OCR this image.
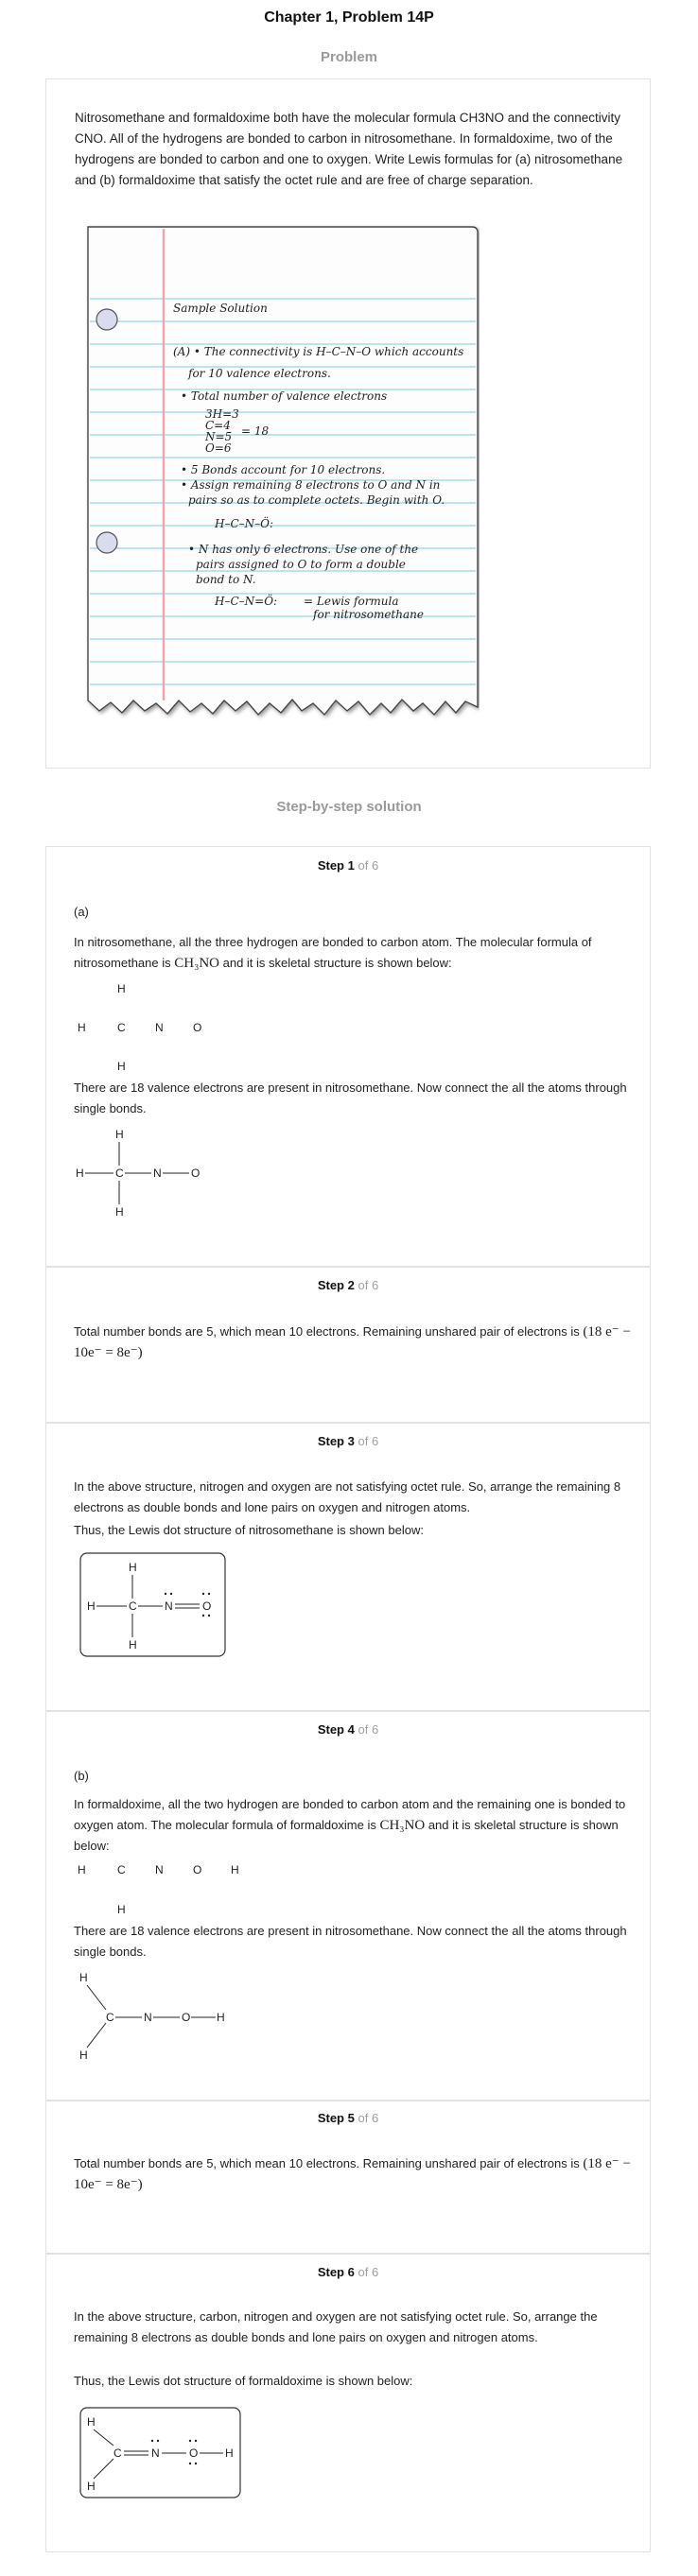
Chapter 1, Problem 14P
Problem

Nitrosomethane and formaldoxime both have the molecular formula CH3NO and the connectivity CNO. All of the hydrogens are bonded to carbon in nitrosomethane. In formaldoxime, two of the hydrogens are bonded to carbon and one to oxygen. Write Lewis formulas for (a) nitrosomethane and (b) formaldoxime that satisfy the octet rule and are free of charge separation.

Sample Solution
(A) • The connectivity is H–C–N–O which accounts
for 10 valence electrons.
• Total number of valence electrons
3H=3
C=4
N=5
O=6
= 18
• 5 Bonds account for 10 electrons.
• Assign remaining 8 electrons to O and N in
pairs so as to complete octets. Begin with O.
H–C–N–Ö:
• N has only 6 electrons. Use one of the
pairs assigned to O to form a double
bond to N.
H–C–N=Ö: = Lewis formula
for nitrosomethane
Step-by-step solution
Step 1 of 6
(a)

In nitrosomethane, all the three hydrogen are bonded to carbon atom. The molecular formula of nitrosomethane is CH₃NO and it is skeletal structure is shown below:

H
H	C	N	O
H

There are 18 valence electrons are present in nitrosomethane. Now connect the all the atoms through single bonds.

H
H	C	N	O
H
Step 2 of 6

Total number bonds are 5, which mean 10 electrons. Remaining unshared pair of electrons is (18 e⁻ − 10e⁻ = 8e⁻)

Step 3 of 6

In the above structure, nitrogen and oxygen are not satisfying octet rule. So, arrange the remaining 8 electrons as double bonds and lone pairs on oxygen and nitrogen atoms.

Thus, the Lewis dot structure of nitrosomethane is shown below:

H
H	C N	O
H
Step 4 of 6
(b)

In formaldoxime, all the two hydrogen are bonded to carbon atom and the remaining one is bonded to oxygen atom. The molecular formula of formaldoxime is CH₃NO and it is skeletal structure is shown below:

H	C	N	O	H
H

There are 18 valence electrons are present in nitrosomethane. Now connect the all the atoms through single bonds.

H
C	N	O H
H
Step 5 of 6

Total number bonds are 5, which mean 10 electrons. Remaining unshared pair of electrons is (18 e⁻ − 10e⁻ = 8e⁻)

Step 6 of 6

In the above structure, carbon, nitrogen and oxygen are not satisfying octet rule. So, arrange the remaining 8 electrons as double bonds and lone pairs on oxygen and nitrogen atoms.

Thus, the Lewis dot structure of formaldoxime is shown below:

H
C	N	O H
H
